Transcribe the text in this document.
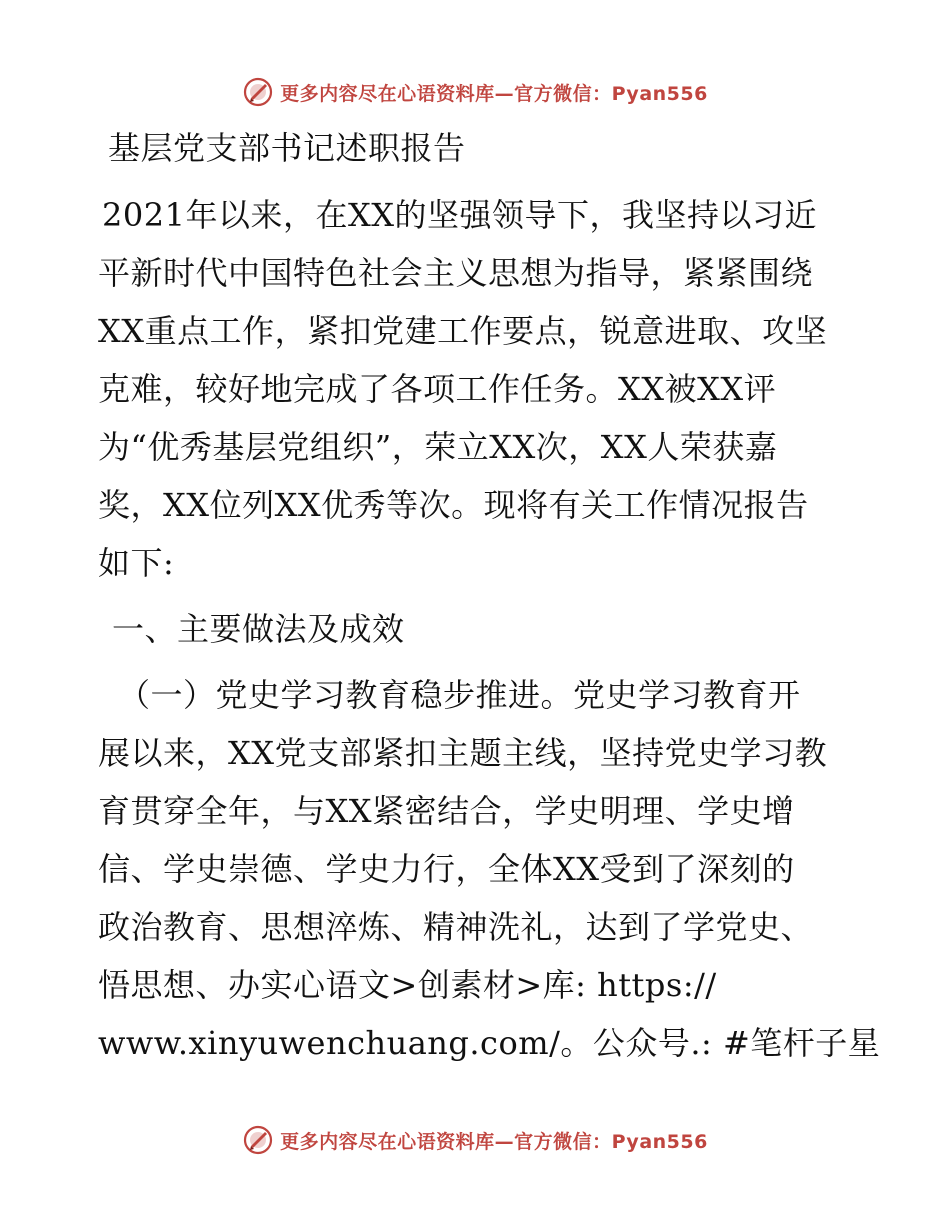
更多内容尽在心语资料库—官方微信：Pyan556
基层党支部书记述职报告
2021年以来，在XX的坚强领导下，我坚持以习近
平新时代中国特色社会主义思想为指导，紧紧围绕
XX重点工作，紧扣党建工作要点，锐意进取、攻坚
克难，较好地完成了各项工作任务。XX被XX评
为“优秀基层党组织”，荣立XX次，XX人荣获嘉
奖，XX位列XX优秀等次。现将有关工作情况报告
如下:
一、主要做法及成效
（一）党史学习教育稳步推进。党史学习教育开
展以来，XX党支部紧扣主题主线，坚持党史学习教
育贯穿全年，与XX紧密结合，学史明理、学史增
信、学史崇德、学史力行，全体XX受到了深刻的
政治教育、思想淬炼、精神洗礼，达到了学党史、
悟思想、办实心语文>创素材>库: https://
www.xinyuwenchuang.com/。公众号.: #笔杆子星
更多内容尽在心语资料库—官方微信：Pyan556
